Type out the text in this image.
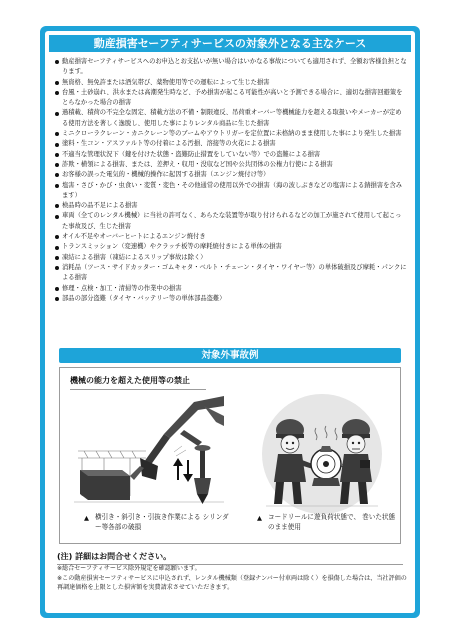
動産損害セーフティサービスの対象外となる主なケース
動産損害セーフティサービスへのお申込とお支払いが無い場合はいかなる事故についても適用されず、全額お客様負担となります。
無資格、無免許または酒気帯び、薬物使用等での運転によって生じた損害
台風・土砂崩れ、洪水または高潮発生時など、予め損害が起こる可能性が高いと予測できる場合に、適切な損害回避策をとらなかった場合の損害
過積載、積荷の不完全な固定、積載方法の不備・制限違反、吊荷重オーバー等機械能力を超える取扱いやメーカーが定める使用方法を著しく逸脱し、使用した事によりレンタル商品に生じた損害
ミニクローラクレーン・カニクレーン等のブームやアウトリガーを定位置に未格納のまま使用した事により発生した損害
塗料・生コン・アスファルト等の付着による汚損、溶接等の火花による損害
不適当な管理状況下（鍵を付けた状態・盗難防止措置をしていない等）での盗難による損害
詐欺・横領による損害、または、差押え・収用・没収など国や公共団体の公権力行使による損害
お客様の誤った電気的・機械的操作に起因する損害（エンジン焼付け等）
塩害・さび・かび・虫食い・変質・変色・その他通常の使用以外での損害（海の波しぶきなどの塩害による錆損害を含みます）
検品時の品不足による損害
車両（全てのレンタル機械）に当社の許可なく、あらたな装置等が取り付けられるなどの加工が施されて使用して起こった事故及び、生じた損害
オイル不足やオーバーヒートによるエンジン焼付き
トランスミッション（変速機）やクラッチ板等の摩耗焼付きによる単体の損害
凍結による損害（凍結によるスリップ事故は除く）
消耗品（ツース・サイドカッター・ゴムキャタ・ベルト・チェーン・タイヤ・ワイヤー等）の単体破損及び摩耗・パンクによる損害
修理・点検・加工・清掃等の作業中の損害
部品の部分盗難（タイヤ・バッテリー等の単体部品盗難）
対象外事故例
機械の能力を超えた使用等の禁止
▲ 横引き・斜引き・引抜き作業による シリンダー等各部の破損
▲ コードリールに遊負荷状態で、 巻いた状態のまま使用
(注) 詳細はお問合せください。
※総合セーフティサービス除外規定を確認願います。
※この動産損害セーフティサービスに申込されず、レンタル機械類（登録ナンバー付車両は除く）を損傷した場合は、当社評価の再調達価格を上限とした損害額を実費請求させていただきます。
